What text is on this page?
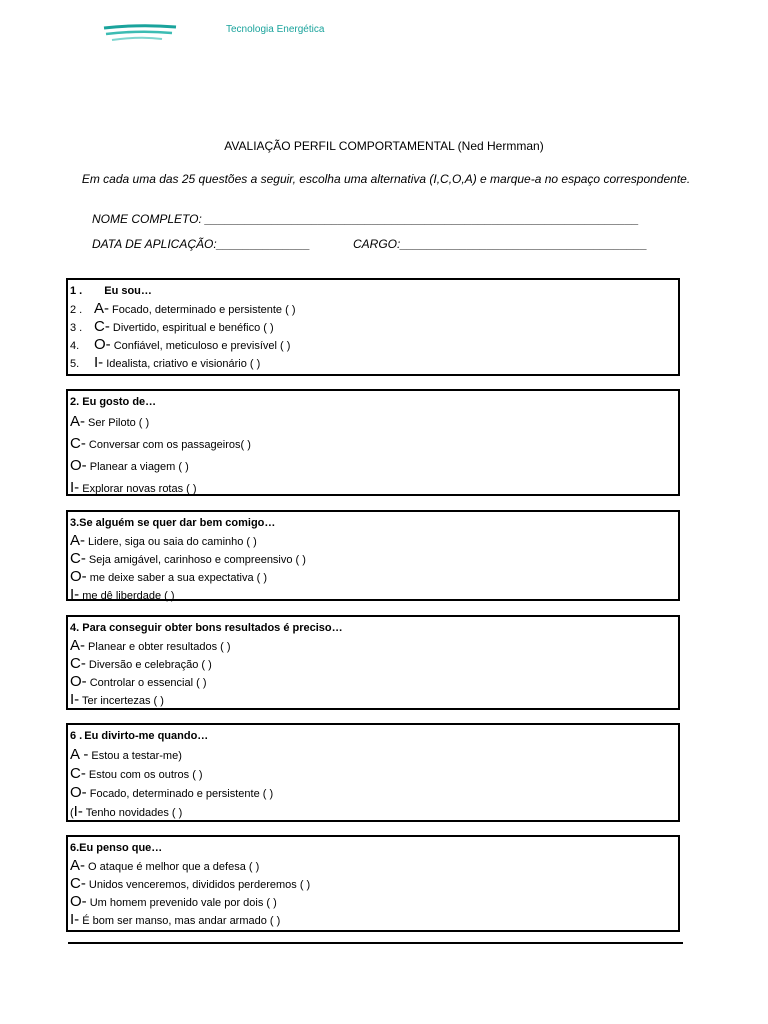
Tecnologia Energética
AVALIAÇÃO PERFIL COMPORTAMENTAL (Ned Hermman)
Em cada uma das 25 questões a seguir, escolha uma alternativa (I,C,O,A) e marque-a no espaço correspondente.
NOME COMPLETO: _________________________________________________________________
DATA DE APLICAÇÃO:______________	CARGO:_____________________________________
1 . Eu sou…
2 . A- Focado, determinado e persistente ( )
3 . C- Divertido, espiritual e benéfico ( )
4. O- Confiável, meticuloso e previsível ( )
5. I- Idealista, criativo e visionário ( )
2. Eu gosto de…
A- Ser Piloto ( )
C- Conversar com os passageiros( )
O- Planear a viagem ( )
I- Explorar novas rotas ( )
3.Se alguém se quer dar bem comigo…
A- Lidere, siga ou saia do caminho ( )
C- Seja amigável, carinhoso e compreensivo ( )
O- me deixe saber a sua expectativa ( )
I- me dê liberdade ( )
4. Para conseguir obter bons resultados é preciso…
A- Planear e obter resultados ( )
C- Diversão e celebração ( )
O- Controlar o essencial ( )
I- Ter incertezas ( )
6 . Eu divirto-me quando…
A - Estou a testar-me)
C- Estou com os outros ( )
O- Focado, determinado e persistente ( )
(I- Tenho novidades ( )
6.Eu penso que…
A- O ataque é melhor que a defesa ( )
C- Unidos venceremos, divididos perderemos ( )
O- Um homem prevenido vale por dois ( )
I- É bom ser manso, mas andar armado ( )
